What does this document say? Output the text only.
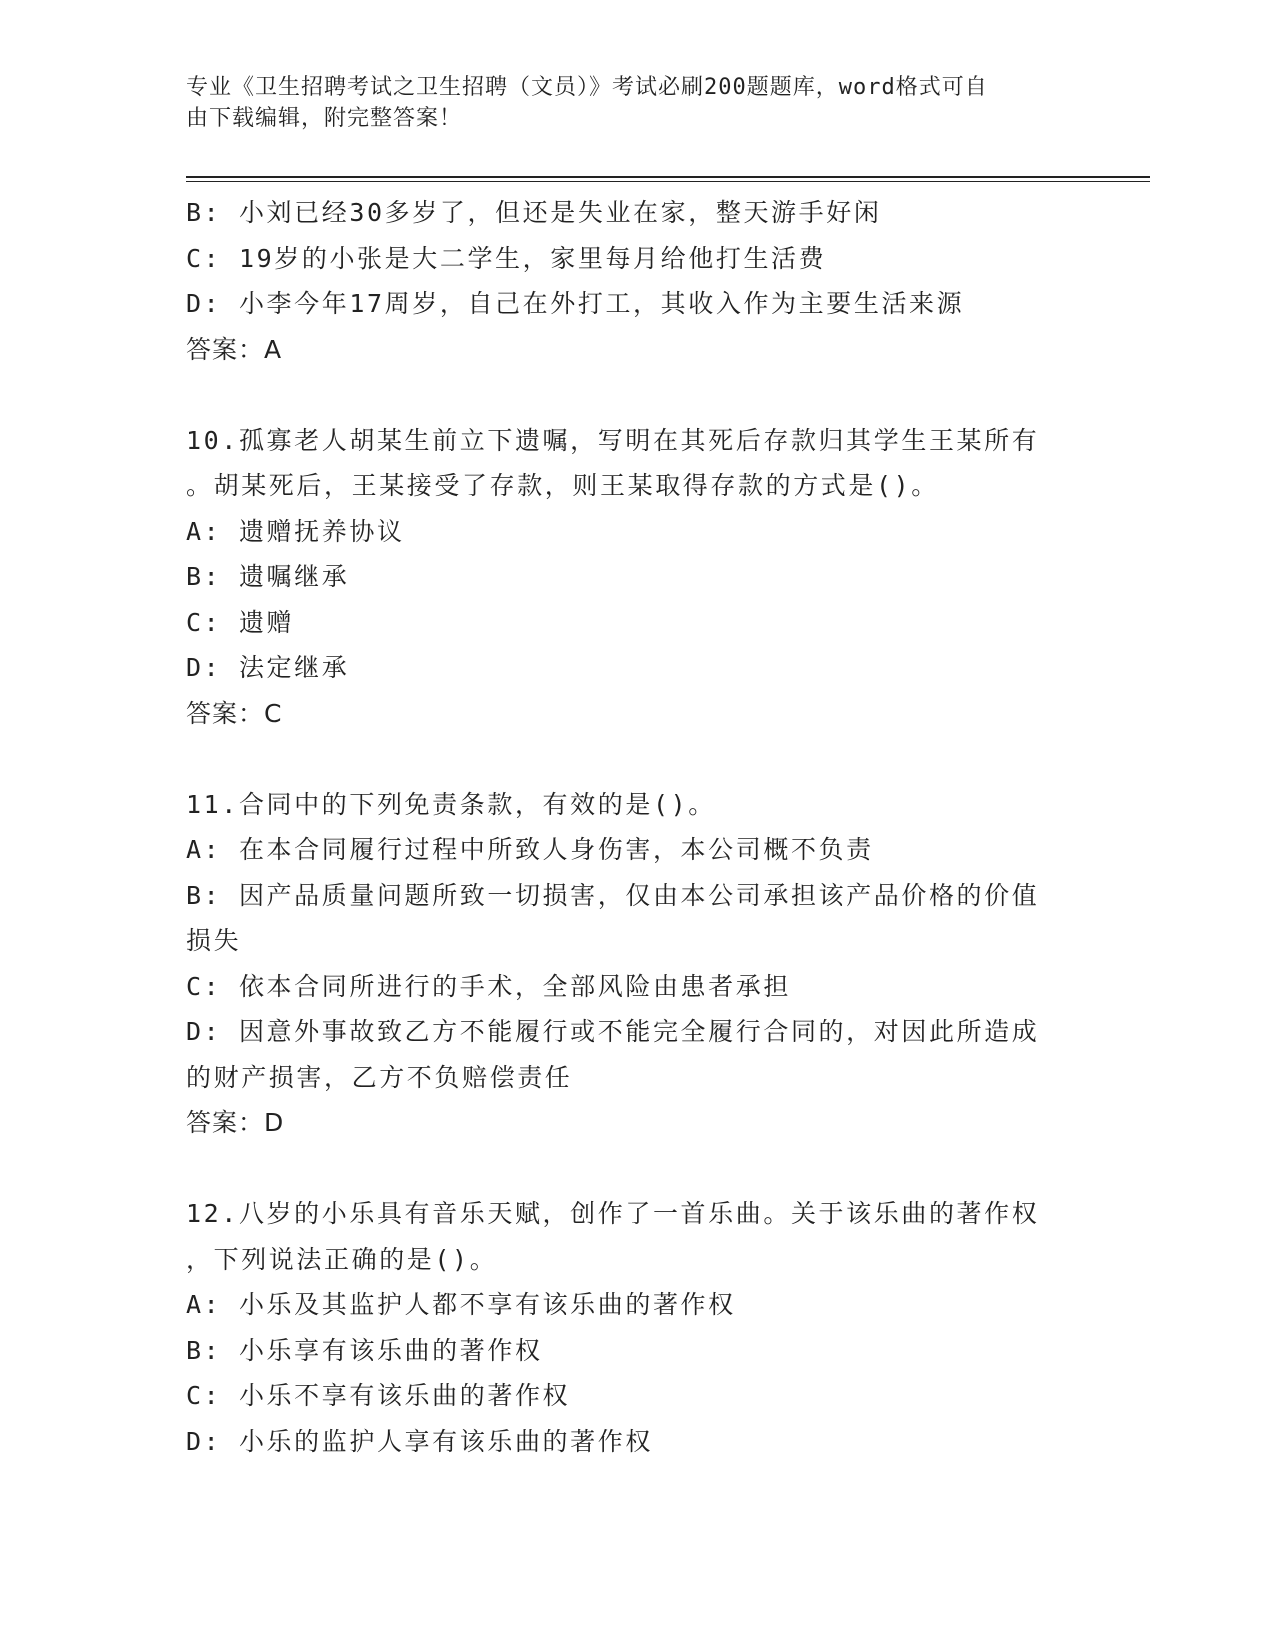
专业《卫生招聘考试之卫生招聘（文员）》考试必刷200题题库，word格式可自
由下载编辑，附完整答案！
B: 小刘已经30多岁了，但还是失业在家，整天游手好闲
C: 19岁的小张是大二学生，家里每月给他打生活费
D: 小李今年17周岁，自己在外打工，其收入作为主要生活来源
答案：A
10.孤寡老人胡某生前立下遗嘱，写明在其死后存款归其学生王某所有
。胡某死后，王某接受了存款，则王某取得存款的方式是()。
A: 遗赠抚养协议
B: 遗嘱继承
C: 遗赠
D: 法定继承
答案：C
11.合同中的下列免责条款，有效的是()。
A: 在本合同履行过程中所致人身伤害，本公司概不负责
B: 因产品质量问题所致一切损害，仅由本公司承担该产品价格的价值
损失
C: 依本合同所进行的手术，全部风险由患者承担
D: 因意外事故致乙方不能履行或不能完全履行合同的，对因此所造成
的财产损害，乙方不负赔偿责任
答案：D
12.八岁的小乐具有音乐天赋，创作了一首乐曲。关于该乐曲的著作权
，下列说法正确的是()。
A: 小乐及其监护人都不享有该乐曲的著作权
B: 小乐享有该乐曲的著作权
C: 小乐不享有该乐曲的著作权
D: 小乐的监护人享有该乐曲的著作权
